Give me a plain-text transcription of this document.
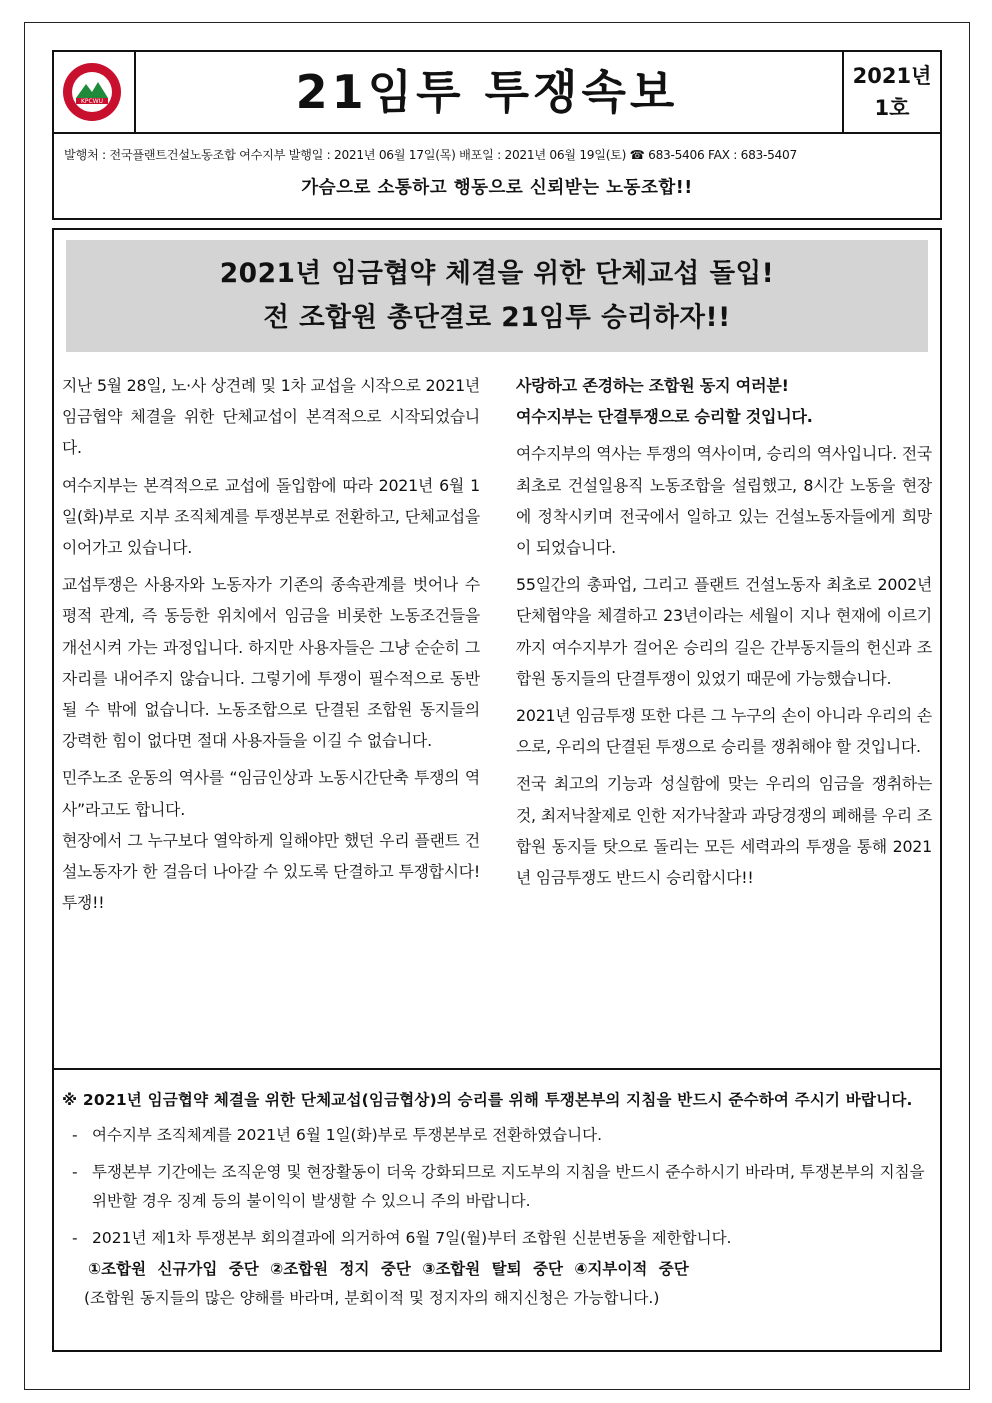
KPCWU	21임투 투쟁속보	2021년
1호
발행처 : 전국플랜트건설노동조합 여수지부 발행일 : 2021년 06월 17일(목) 배포일 : 2021년 06월 19일(토) ☎ 683-5406 FAX : 683-5407
가슴으로 소통하고 행동으로 신뢰받는 노동조합!!
2021년 임금협약 체결을 위한 단체교섭 돌입!
전 조합원 총단결로 21임투 승리하자!!

지난 5월 28일, 노·사 상견례 및 1차 교섭을 시작으로 2021년 임금협약 체결을 위한 단체교섭이 본격적으로 시작되었습니다.

여수지부는 본격적으로 교섭에 돌입함에 따라 2021년 6월 1일(화)부로 지부 조직체계를 투쟁본부로 전환하고, 단체교섭을 이어가고 있습니다.

교섭투쟁은 사용자와 노동자가 기존의 종속관계를 벗어나 수평적 관계, 즉 동등한 위치에서 임금을 비롯한 노동조건들을 개선시켜 가는 과정입니다. 하지만 사용자들은 그냥 순순히 그 자리를 내어주지 않습니다. 그렇기에 투쟁이 필수적으로 동반될 수 밖에 없습니다. 노동조합으로 단결된 조합원 동지들의 강력한 힘이 없다면 절대 사용자들을 이길 수 없습니다.

민주노조 운동의 역사를 “임금인상과 노동시간단축 투쟁의 역사”라고도 합니다.

현장에서 그 누구보다 열악하게 일해야만 했던 우리 플랜트 건설노동자가 한 걸음더 나아갈 수 있도록 단결하고 투쟁합시다! 투쟁!!

사랑하고 존경하는 조합원 동지 여러분!

여수지부는 단결투쟁으로 승리할 것입니다.

여수지부의 역사는 투쟁의 역사이며, 승리의 역사입니다. 전국 최초로 건설일용직 노동조합을 설립했고, 8시간 노동을 현장에 정착시키며 전국에서 일하고 있는 건설노동자들에게 희망이 되었습니다.

55일간의 총파업, 그리고 플랜트 건설노동자 최초로 2002년 단체협약을 체결하고 23년이라는 세월이 지나 현재에 이르기까지 여수지부가 걸어온 승리의 길은 간부동지들의 헌신과 조합원 동지들의 단결투쟁이 있었기 때문에 가능했습니다.

2021년 임금투쟁 또한 다른 그 누구의 손이 아니라 우리의 손으로, 우리의 단결된 투쟁으로 승리를 쟁취해야 할 것입니다.

전국 최고의 기능과 성실함에 맞는 우리의 임금을 쟁취하는 것, 최저낙찰제로 인한 저가낙찰과 과당경쟁의 폐해를 우리 조합원 동지들 탓으로 돌리는 모든 세력과의 투쟁을 통해 2021년 임금투쟁도 반드시 승리합시다!!

※ 2021년 임금협약 체결을 위한 단체교섭(임금협상)의 승리를 위해 투쟁본부의 지침을 반드시 준수하여 주시기 바랍니다.
- 여수지부 조직체계를 2021년 6월 1일(화)부로 투쟁본부로 전환하였습니다.
- 투쟁본부 기간에는 조직운영 및 현장활동이 더욱 강화되므로 지도부의 지침을 반드시 준수하시기 바라며, 투쟁본부의 지침을 위반할 경우 징계 등의 불이익이 발생할 수 있으니 주의 바랍니다.
- 2021년 제1차 투쟁본부 회의결과에 의거하여 6월 7일(월)부터 조합원 신분변동을 제한합니다.
①조합원 신규가입 중단 ②조합원 정지 중단 ③조합원 탈퇴 중단 ④지부이적 중단
(조합원 동지들의 많은 양해를 바라며, 분회이적 및 정지자의 해지신청은 가능합니다.)
